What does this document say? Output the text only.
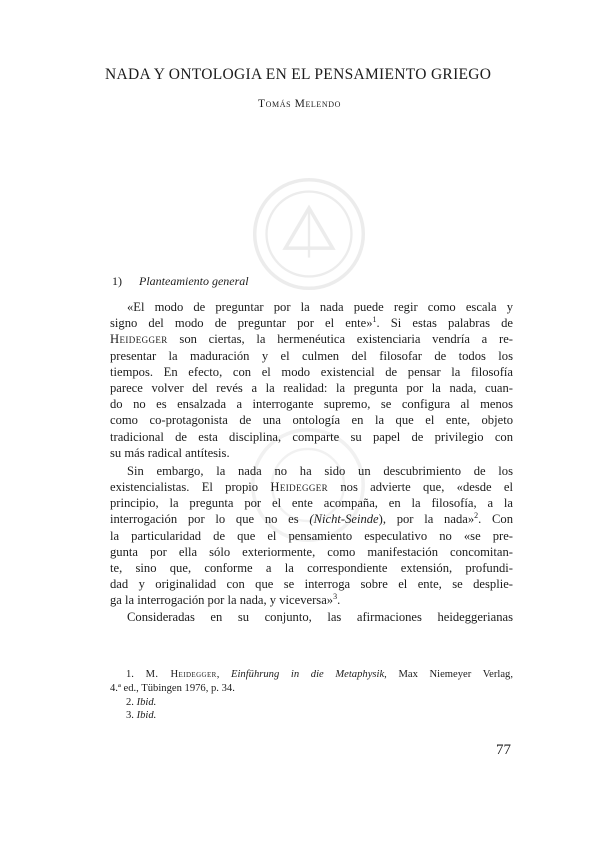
NADA Y ONTOLOGIA EN EL PENSAMIENTO GRIEGO
Tomás Melendo
1) Planteamiento general
«El modo de preguntar por la nada puede regir como escala y
signo del modo de preguntar por el ente»$^1$. Si estas palabras de
Heidegger son ciertas, la hermenéutica existenciaria vendría a re-
presentar la maduración y el culmen del filosofar de todos los
tiempos. En efecto, con el modo existencial de pensar la filosofía
parece volver del revés a la realidad: la pregunta por la nada, cuan-
do no es ensalzada a interrogante supremo, se configura al menos
como co-protagonista de una ontología en la que el ente, objeto
tradicional de esta disciplina, comparte su papel de privilegio con
su más radical antítesis.
Sin embargo, la nada no ha sido un descubrimiento de los
existencialistas. El propio Heidegger nos advierte que, «desde el
principio, la pregunta por el ente acompaña, en la filosofía, a la
interrogación por lo que no es (Nicht-Seinde), por la nada»$^2$. Con
la particularidad de que el pensamiento especulativo no «se pre-
gunta por ella sólo exteriormente, como manifestación concomitan-
te, sino que, conforme a la correspondiente extensión, profundi-
dad y originalidad con que se interroga sobre el ente, se desplie-
ga la interrogación por la nada, y viceversa»$^3$.
Consideradas en su conjunto, las afirmaciones heideggerianas
1. M. Heidegger, Einführung in die Metaphysik, Max Niemeyer Verlag,
4.ª ed., Tübingen 1976, p. 34.
2. Ibid.
3. Ibid.
77
